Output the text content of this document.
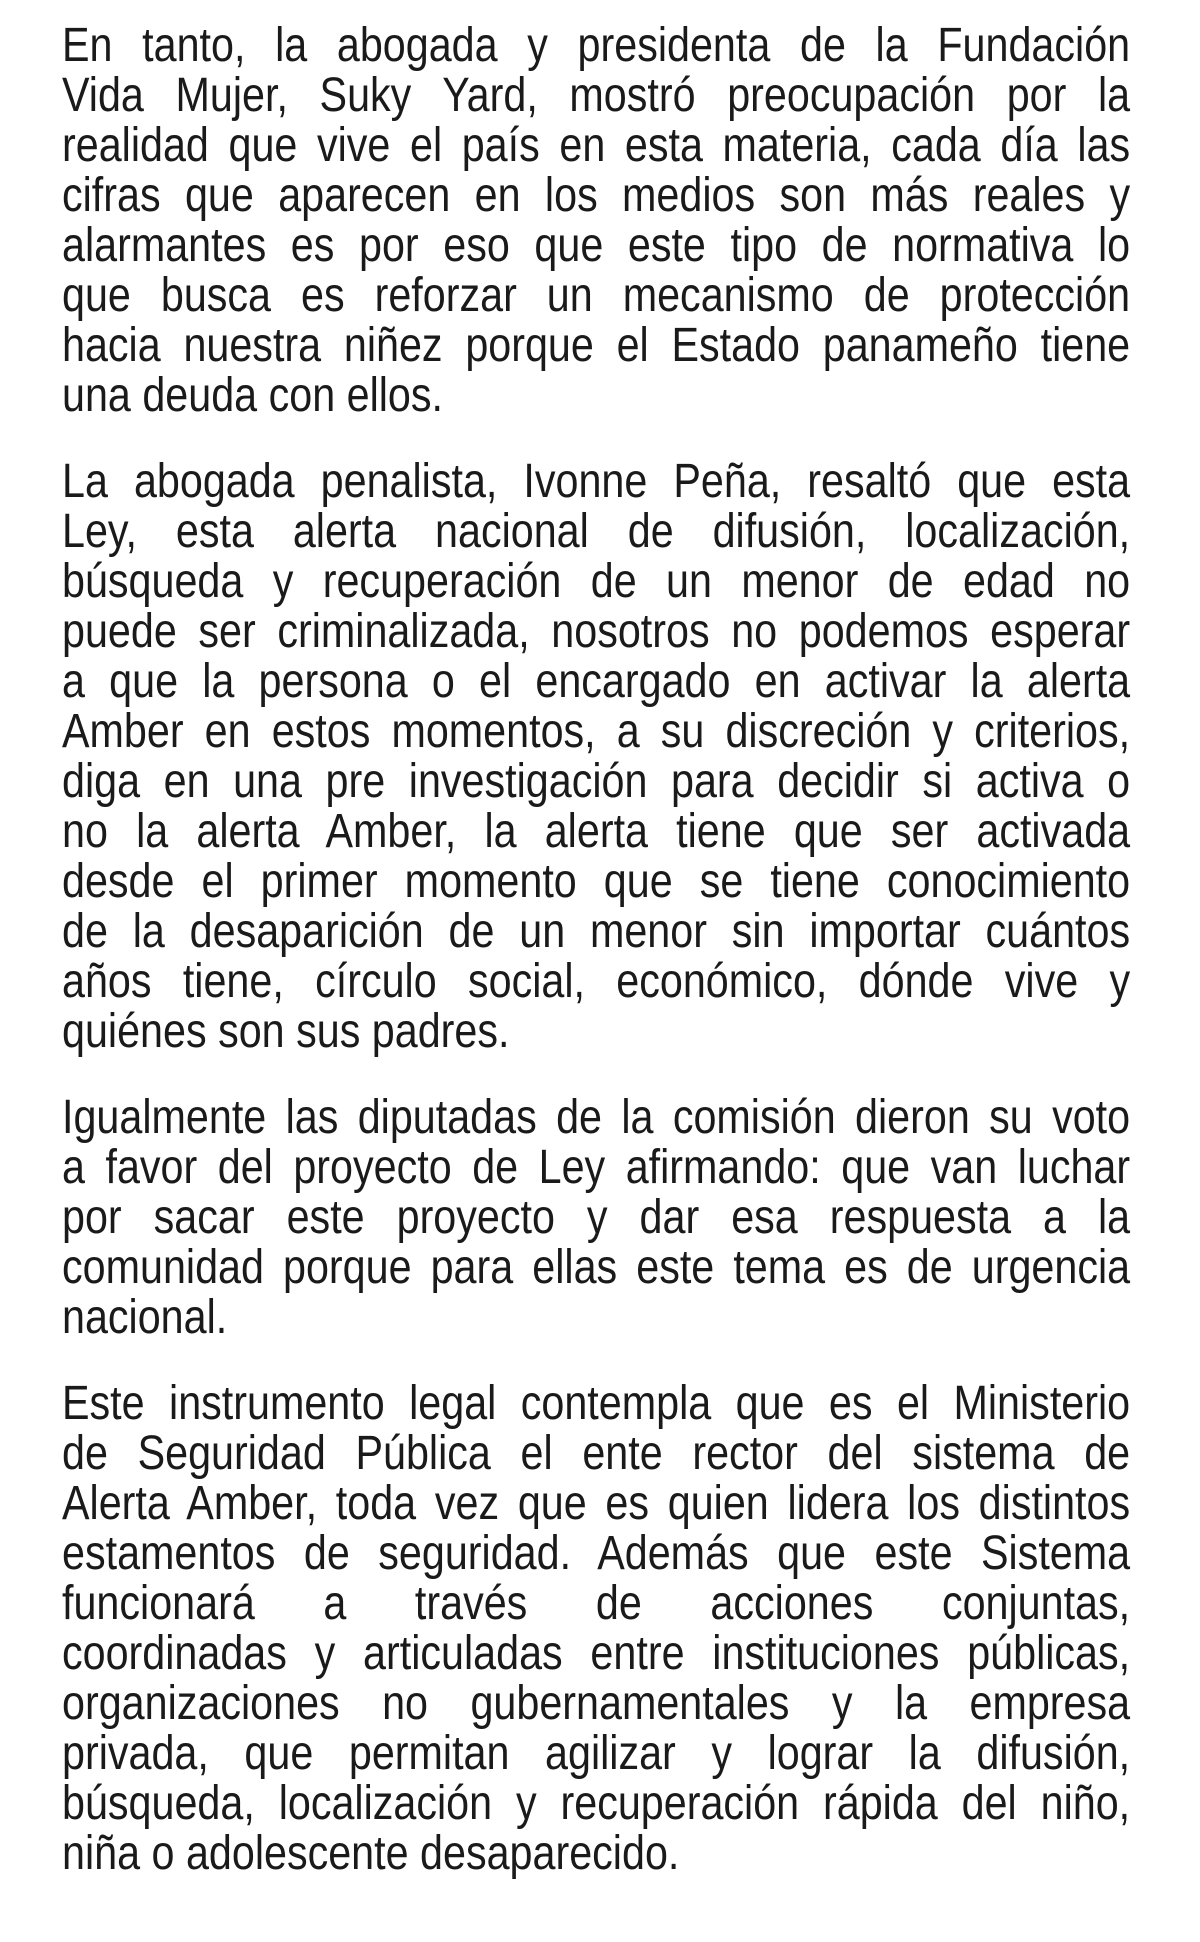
En tanto, la abogada y presidenta de la Fundación
Vida Mujer, Suky Yard, mostró preocupación por la
realidad que vive el país en esta materia, cada día las
cifras que aparecen en los medios son más reales y
alarmantes es por eso que este tipo de normativa lo
que busca es reforzar un mecanismo de protección
hacia nuestra niñez porque el Estado panameño tiene
una deuda con ellos.
La abogada penalista, Ivonne Peña, resaltó que esta
Ley, esta alerta nacional de difusión, localización,
búsqueda y recuperación de un menor de edad no
puede ser criminalizada, nosotros no podemos esperar
a que la persona o el encargado en activar la alerta
Amber en estos momentos, a su discreción y criterios,
diga en una pre investigación para decidir si activa o
no la alerta Amber, la alerta tiene que ser activada
desde el primer momento que se tiene conocimiento
de la desaparición de un menor sin importar cuántos
años tiene, círculo social, económico, dónde vive y
quiénes son sus padres.
Igualmente las diputadas de la comisión dieron su voto
a favor del proyecto de Ley afirmando: que van luchar
por sacar este proyecto y dar esa respuesta a la
comunidad porque para ellas este tema es de urgencia
nacional.
Este instrumento legal contempla que es el Ministerio
de Seguridad Pública el ente rector del sistema de
Alerta Amber, toda vez que es quien lidera los distintos
estamentos de seguridad. Además que este Sistema
funcionará a través de acciones conjuntas,
coordinadas y articuladas entre instituciones públicas,
organizaciones no gubernamentales y la empresa
privada, que permitan agilizar y lograr la difusión,
búsqueda, localización y recuperación rápida del niño,
niña o adolescente desaparecido.
